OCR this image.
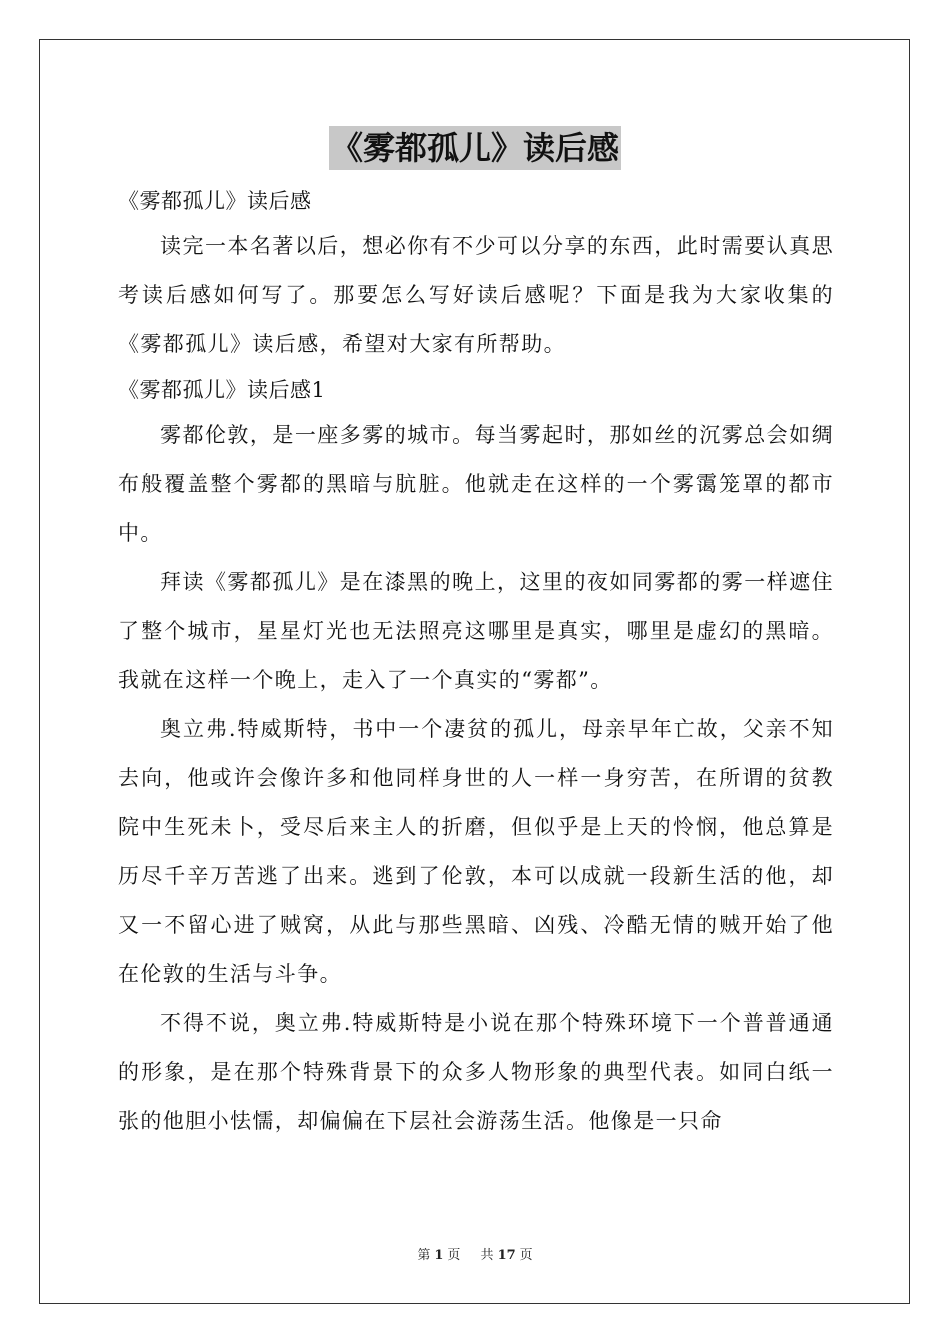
《雾都孤儿》读后感

《雾都孤儿》读后感

读完一本名著以后，想必你有不少可以分享的东西，此时需要认真思考读后感如何写了。那要怎么写好读后感呢？下面是我为大家收集的《雾都孤儿》读后感，希望对大家有所帮助。

《雾都孤儿》读后感1

雾都伦敦，是一座多雾的城市。每当雾起时，那如丝的沉雾总会如绸布般覆盖整个雾都的黑暗与肮脏。他就走在这样的一个雾霭笼罩的都市中。

拜读《雾都孤儿》是在漆黑的晚上，这里的夜如同雾都的雾一样遮住了整个城市，星星灯光也无法照亮这哪里是真实，哪里是虚幻的黑暗。我就在这样一个晚上，走入了一个真实的“雾都”。

奥立弗.特威斯特，书中一个凄贫的孤儿，母亲早年亡故，父亲不知去向，他或许会像许多和他同样身世的人一样一身穷苦，在所谓的贫教院中生死未卜，受尽后来主人的折磨，但似乎是上天的怜悯，他总算是历尽千辛万苦逃了出来。逃到了伦敦，本可以成就一段新生活的他，却又一不留心进了贼窝，从此与那些黑暗、凶残、冷酷无情的贼开始了他在伦敦的生活与斗争。

不得不说，奥立弗.特威斯特是小说在那个特殊环境下一个普普通通的形象，是在那个特殊背景下的众多人物形象的典型代表。如同白纸一张的他胆小怯懦，却偏偏在下层社会游荡生活。他像是一只命

第 1 页 共 17 页
